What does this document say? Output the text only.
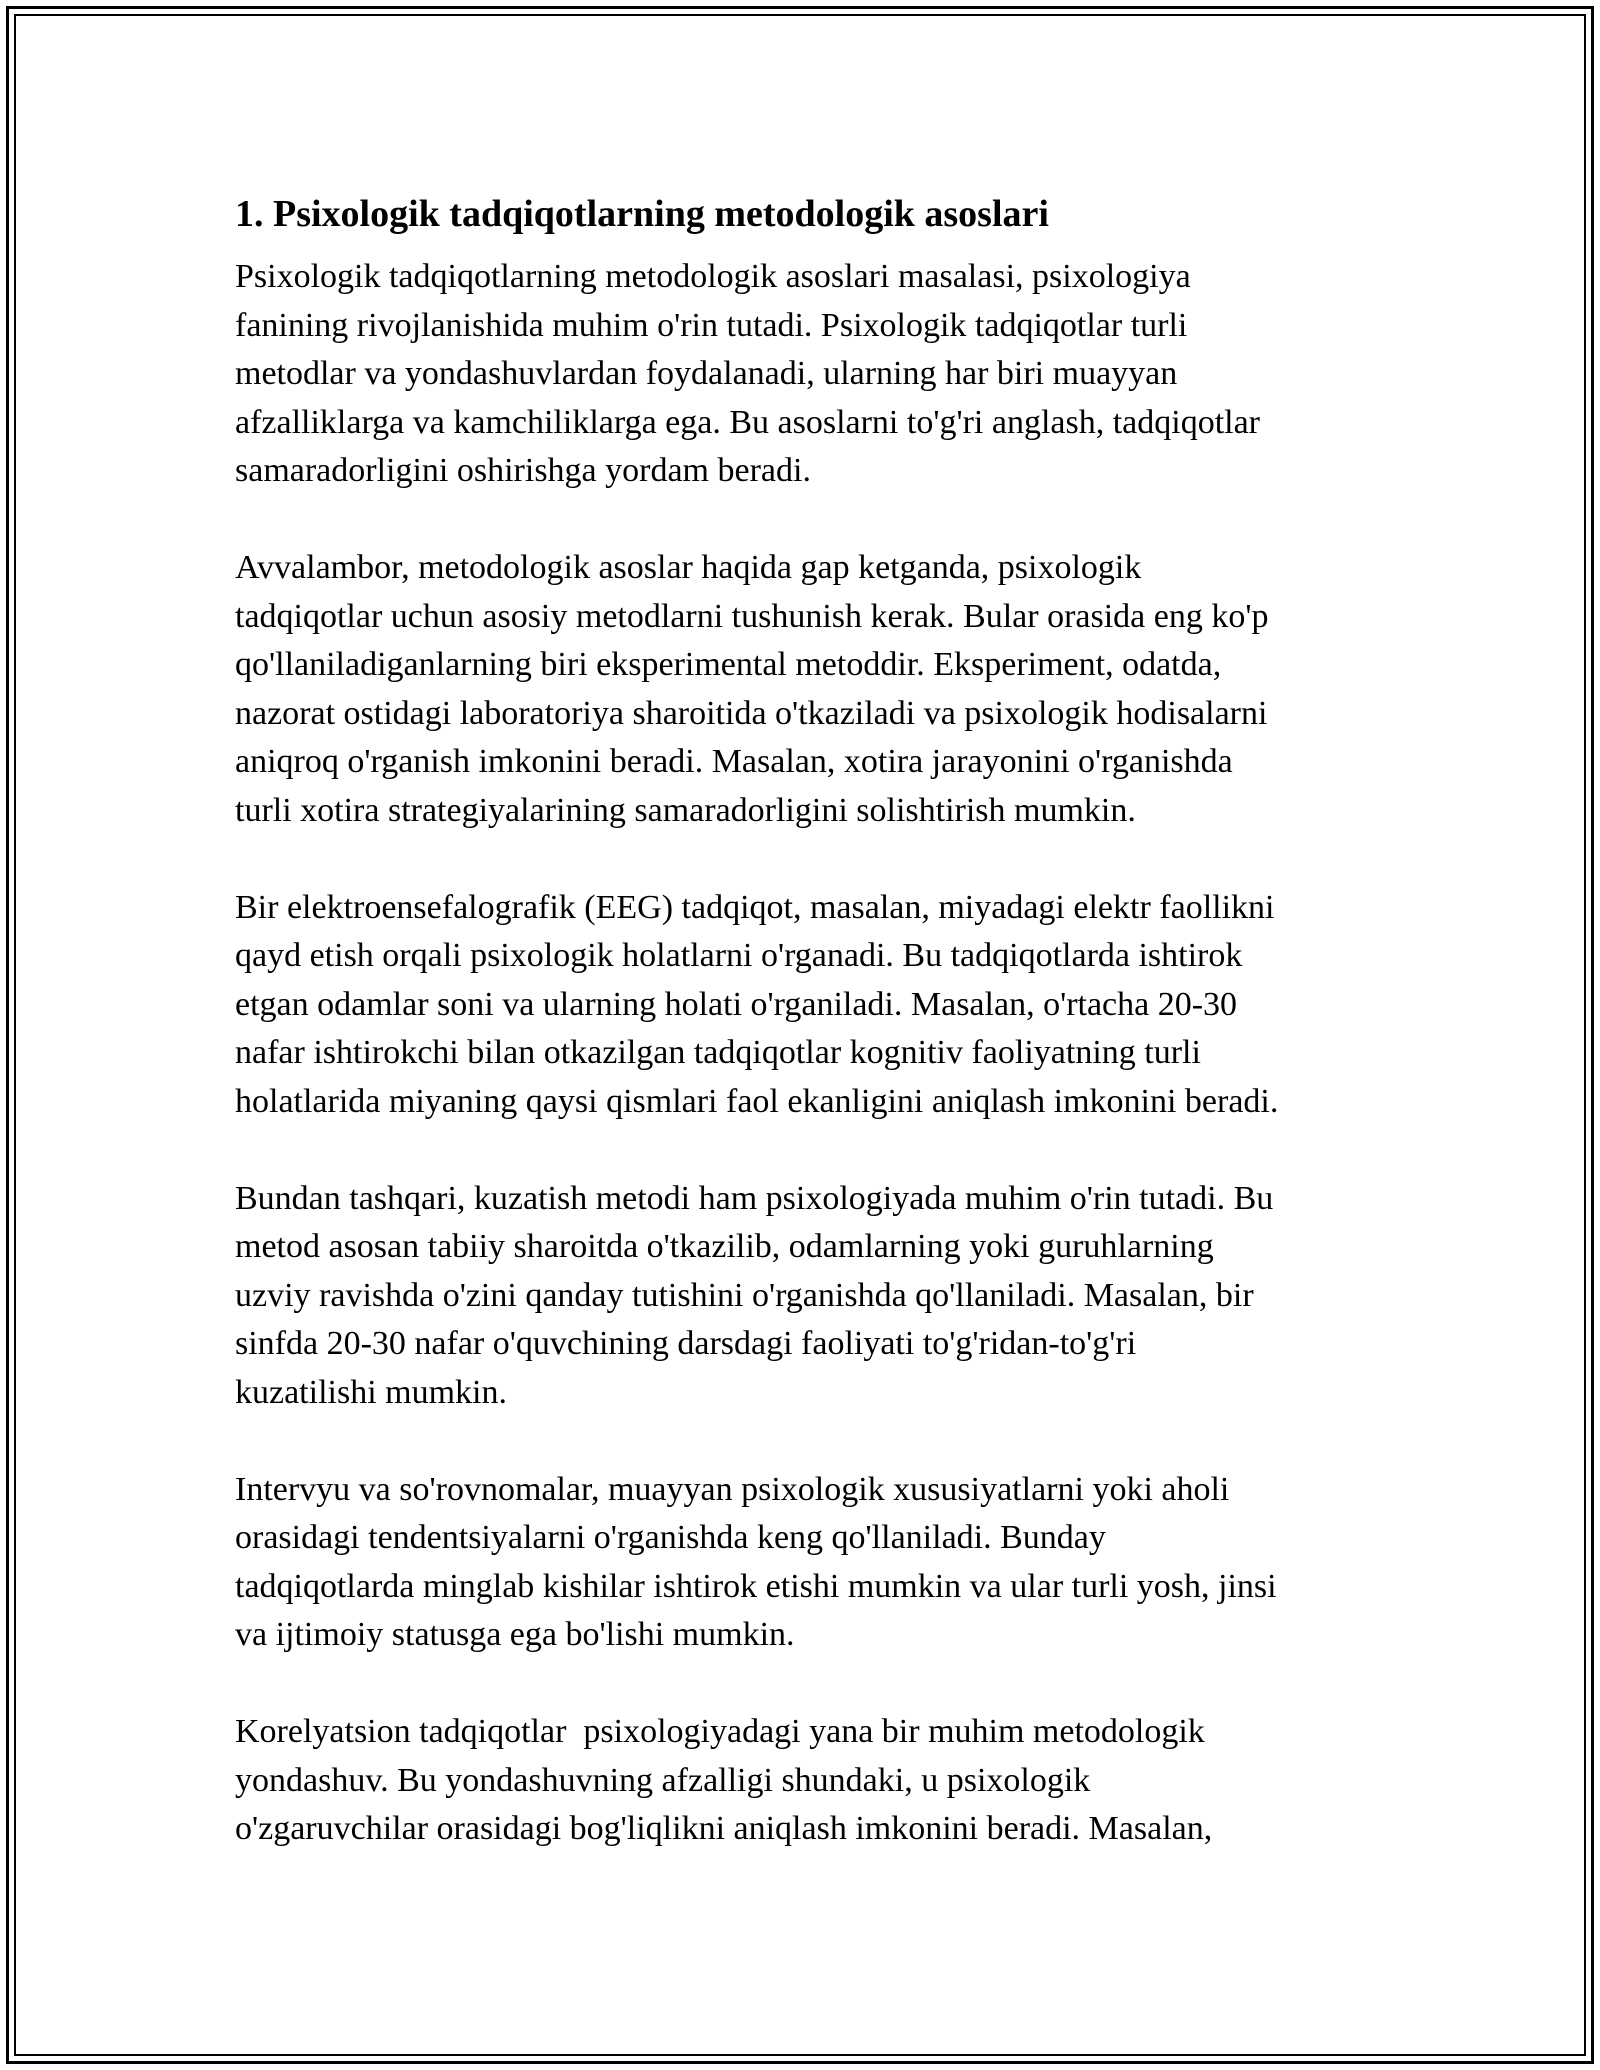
1. Psixologik tadqiqotlarning metodologik asoslari
Psixologik tadqiqotlarning metodologik asoslari masalasi, psixologiya
fanining rivojlanishida muhim o'rin tutadi. Psixologik tadqiqotlar turli
metodlar va yondashuvlardan foydalanadi, ularning har biri muayyan
afzalliklarga va kamchiliklarga ega. Bu asoslarni to'g'ri anglash, tadqiqotlar
samaradorligini oshirishga yordam beradi.
Avvalambor, metodologik asoslar haqida gap ketganda, psixologik
tadqiqotlar uchun asosiy metodlarni tushunish kerak. Bular orasida eng ko'p
qo'llaniladiganlarning biri eksperimental metoddir. Eksperiment, odatda,
nazorat ostidagi laboratoriya sharoitida o'tkaziladi va psixologik hodisalarni
aniqroq o'rganish imkonini beradi. Masalan, xotira jarayonini o'rganishda
turli xotira strategiyalarining samaradorligini solishtirish mumkin.
Bir elektroensefalografik (EEG) tadqiqot, masalan, miyadagi elektr faollikni
qayd etish orqali psixologik holatlarni o'rganadi. Bu tadqiqotlarda ishtirok
etgan odamlar soni va ularning holati o'rganiladi. Masalan, o'rtacha 20-30
nafar ishtirokchi bilan otkazilgan tadqiqotlar kognitiv faoliyatning turli
holatlarida miyaning qaysi qismlari faol ekanligini aniqlash imkonini beradi.
Bundan tashqari, kuzatish metodi ham psixologiyada muhim o'rin tutadi. Bu
metod asosan tabiiy sharoitda o'tkazilib, odamlarning yoki guruhlarning
uzviy ravishda o'zini qanday tutishini o'rganishda qo'llaniladi. Masalan, bir
sinfda 20-30 nafar o'quvchining darsdagi faoliyati to'g'ridan-to'g'ri
kuzatilishi mumkin.
Intervyu va so'rovnomalar, muayyan psixologik xususiyatlarni yoki aholi
orasidagi tendentsiyalarni o'rganishda keng qo'llaniladi. Bunday
tadqiqotlarda minglab kishilar ishtirok etishi mumkin va ular turli yosh, jinsi
va ijtimoiy statusga ega bo'lishi mumkin.
Korelyatsion tadqiqotlar  psixologiyadagi yana bir muhim metodologik
yondashuv. Bu yondashuvning afzalligi shundaki, u psixologik
o'zgaruvchilar orasidagi bog'liqlikni aniqlash imkonini beradi. Masalan,
